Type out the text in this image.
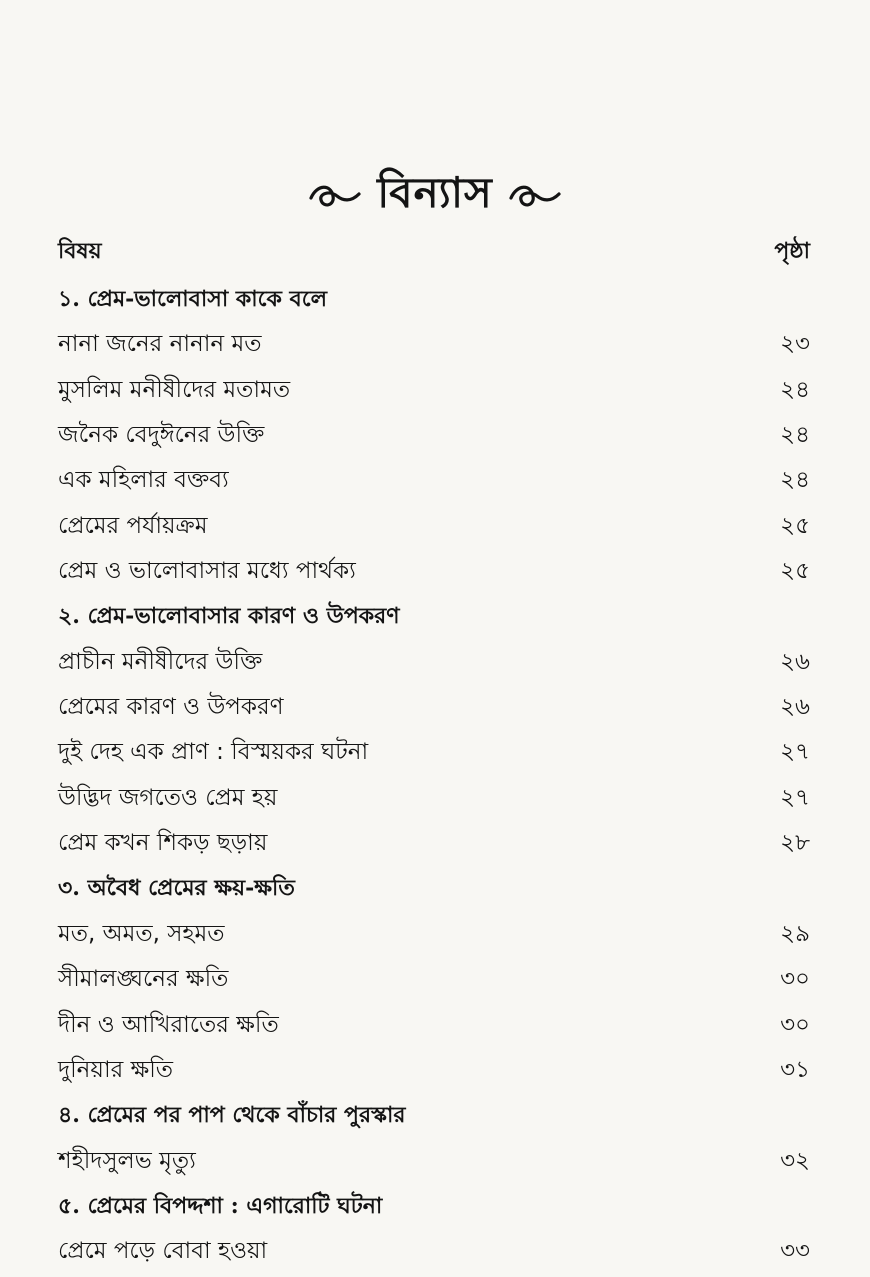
বিন্যাস
বিষয়	পৃষ্ঠা
১. প্রেম-ভালোবাসা কাকে বলে
নানা জনের নানান মত	২৩
মুসলিম মনীষীদের মতামত	২৪
জনৈক বেদুঈনের উক্তি	২৪
এক মহিলার বক্তব্য	২৪
প্রেমের পর্যায়ক্রম	২৫
প্রেম ও ভালোবাসার মধ্যে পার্থক্য	২৫
২. প্রেম-ভালোবাসার কারণ ও উপকরণ
প্রাচীন মনীষীদের উক্তি	২৬
প্রেমের কারণ ও উপকরণ	২৬
দুই দেহ এক প্রাণ : বিস্ময়কর ঘটনা	২৭
উদ্ভিদ জগতেও প্রেম হয়	২৭
প্রেম কখন শিকড় ছড়ায়	২৮
৩. অবৈধ প্রেমের ক্ষয়-ক্ষতি
মত, অমত, সহমত	২৯
সীমালঙ্ঘনের ক্ষতি	৩০
দীন ও আখিরাতের ক্ষতি	৩০
দুনিয়ার ক্ষতি	৩১
৪. প্রেমের পর পাপ থেকে বাঁচার পুরস্কার
শহীদসুলভ মৃত্যু	৩২
৫. প্রেমের বিপদ্দশা : এগারোটি ঘটনা
প্রেমে পড়ে বোবা হওয়া	৩৩
